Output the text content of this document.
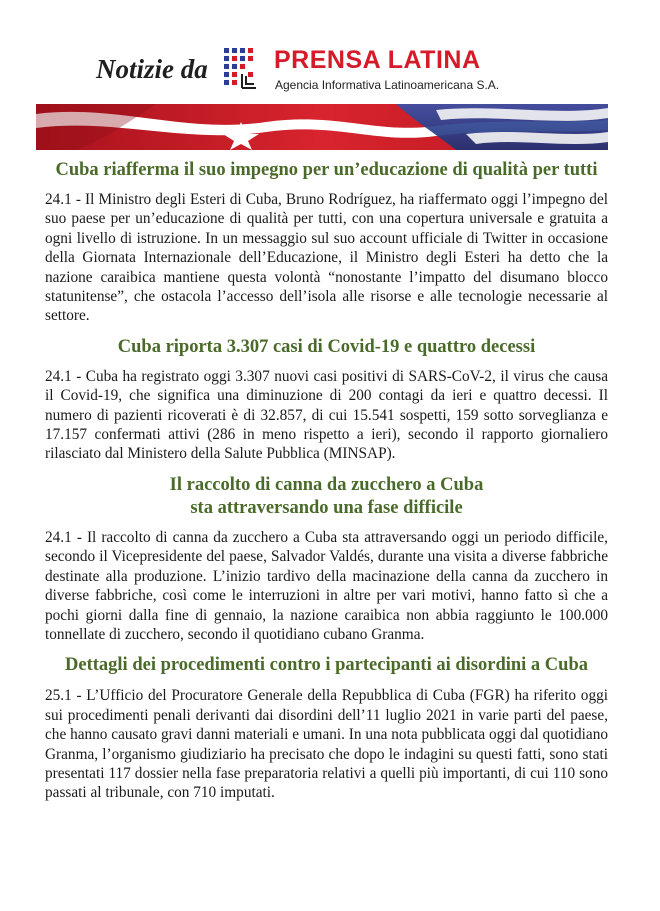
Notizie da	PRENSA LATINA
Agencia Informativa Latinoamericana S.A.
Cuba riafferma il suo impegno per un’educazione di qualità per tutti

24.1 - Il Ministro degli Esteri di Cuba, Bruno Rodríguez, ha riaffermato oggi l’impegno del suo paese per un’educazione di qualità per tutti, con una copertura universale e gratuita a ogni livello di istruzione. In un messaggio sul suo account ufficiale di Twitter in occasione della Giornata Internazionale dell’Educazione, il Ministro degli Esteri ha detto che la nazione caraibica mantiene questa volontà “nonostante l’impatto del disumano blocco statunitense”, che ostacola l’accesso dell’isola alle risorse e alle tecnologie necessarie al settore.

Cuba riporta 3.307 casi di Covid-19 e quattro decessi

24.1 - Cuba ha registrato oggi 3.307 nuovi casi positivi di SARS-CoV-2, il virus che causa il Covid-19, che significa una diminuzione di 200 contagi da ieri e quattro decessi. Il numero di pazienti ricoverati è di 32.857, di cui 15.541 sospetti, 159 sotto sorveglianza e 17.157 confermati attivi (286 in meno rispetto a ieri), secondo il rapporto giornaliero rilasciato dal Ministero della Salute Pubblica (MINSAP).

Il raccolto di canna da zucchero a Cuba
sta attraversando una fase difficile

24.1 - Il raccolto di canna da zucchero a Cuba sta attraversando oggi un periodo difficile, secondo il Vicepresidente del paese, Salvador Valdés, durante una visita a diverse fabbriche destinate alla produzione. L’inizio tardivo della macinazione della canna da zucchero in diverse fabbriche, così come le interruzioni in altre per vari motivi, hanno fatto sì che a pochi giorni dalla fine di gennaio, la nazione caraibica non abbia raggiunto le 100.000 tonnellate di zucchero, secondo il quotidiano cubano Granma.

Dettagli dei procedimenti contro i partecipanti ai disordini a Cuba

25.1 - L’Ufficio del Procuratore Generale della Repubblica di Cuba (FGR) ha riferito oggi sui procedimenti penali derivanti dai disordini dell’11 luglio 2021 in varie parti del paese, che hanno causato gravi danni materiali e umani. In una nota pubblicata oggi dal quotidiano Granma, l’organismo giudiziario ha precisato che dopo le indagini su questi fatti, sono stati presentati 117 dossier nella fase preparatoria relativi a quelli più importanti, di cui 110 sono passati al tribunale, con 710 imputati.
